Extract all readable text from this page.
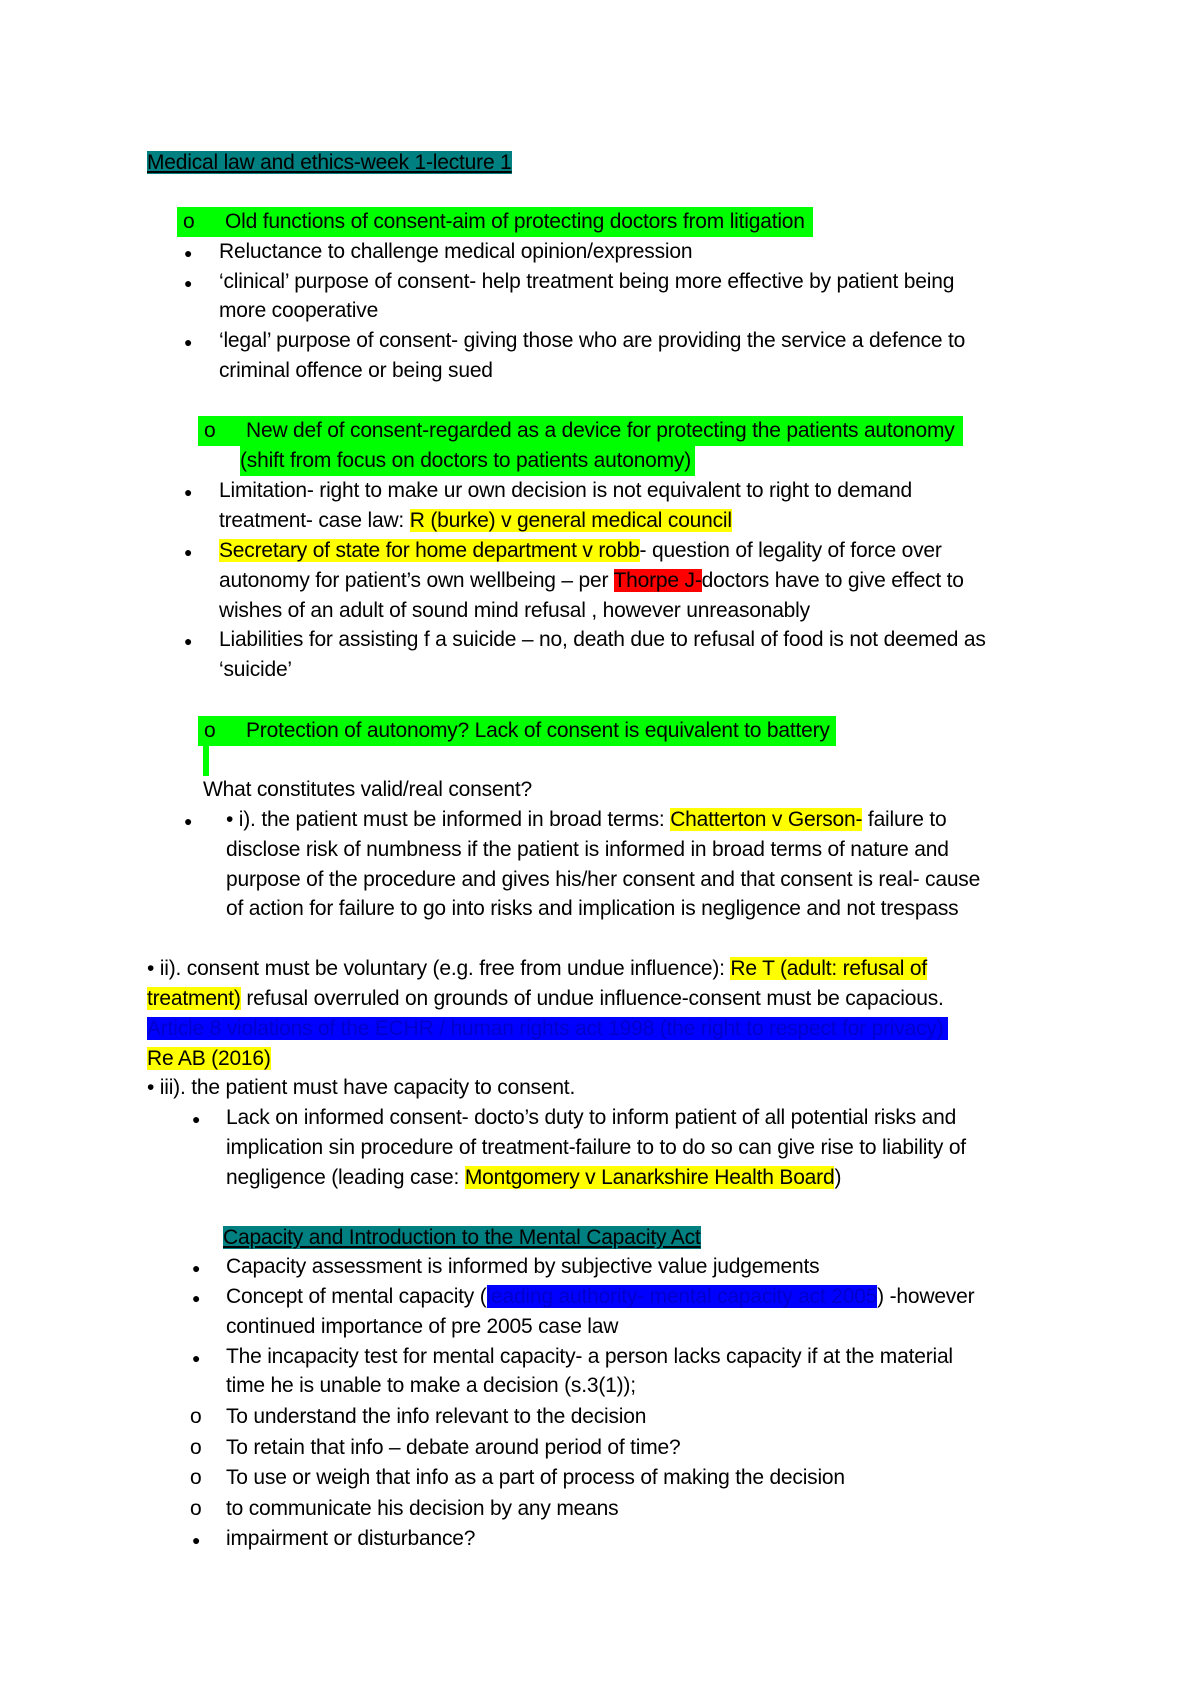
Medical law and ethics-week 1-lecture 1
o Old functions of consent-aim of protecting doctors from litigation
● Reluctance to challenge medical opinion/expression
● ‘clinical’ purpose of consent- help treatment being more effective by patient being
more cooperative
● ‘legal’ purpose of consent- giving those who are providing the service a defence to
criminal offence or being sued
o New def of consent-regarded as a device for protecting the patients autonomy
(shift from focus on doctors to patients autonomy)
● Limitation- right to make ur own decision is not equivalent to right to demand
treatment- case law: R (burke) v general medical council
● Secretary of state for home department v robb- question of legality of force over
autonomy for patient’s own wellbeing – per Thorpe J-doctors have to give effect to
wishes of an adult of sound mind refusal , however unreasonably
● Liabilities for assisting f a suicide – no, death due to refusal of food is not deemed as
‘suicide’
o Protection of autonomy? Lack of consent is equivalent to battery
What constitutes valid/real consent?
● • i). the patient must be informed in broad terms: Chatterton v Gerson- failure to
disclose risk of numbness if the patient is informed in broad terms of nature and
purpose of the procedure and gives his/her consent and that consent is real- cause
of action for failure to go into risks and implication is negligence and not trespass
• ii). consent must be voluntary (e.g. free from undue influence): Re T (adult: refusal of
treatment) refusal overruled on grounds of undue influence-consent must be capacious.
Article 8 violations of the ECHR / human rights act 1998 (the right to respect for privacy)
Re AB (2016)
• iii). the patient must have capacity to consent.
● Lack on informed consent- docto’s duty to inform patient of all potential risks and
implication sin procedure of treatment-failure to to do so can give rise to liability of
negligence (leading case: Montgomery v Lanarkshire Health Board)
Capacity and Introduction to the Mental Capacity Act
● Capacity assessment is informed by subjective value judgements
● Concept of mental capacity (leading authority- mental capacity act 2005) -however
continued importance of pre 2005 case law
● The incapacity test for mental capacity- a person lacks capacity if at the material
time he is unable to make a decision (s.3(1));
o To understand the info relevant to the decision
o To retain that info – debate around period of time?
o To use or weigh that info as a part of process of making the decision
o to communicate his decision by any means
● impairment or disturbance?
